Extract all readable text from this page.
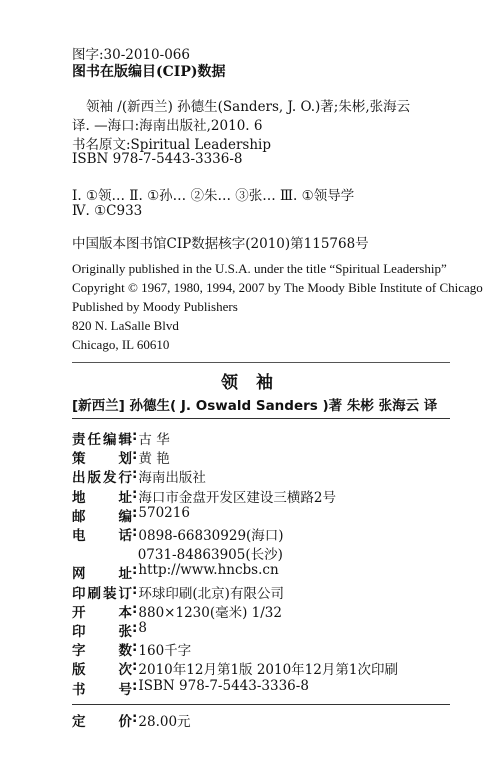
图字:30-2010-066
图书在版编目(CIP)数据
领袖 /(新西兰) 孙德生(Sanders, J. O.)著;朱彬,张海云
译. —海口:海南出版社,2010. 6
书名原文:Spiritual Leadership
ISBN 978-7-5443-3336-8
Ⅰ. ①领… Ⅱ. ①孙… ②朱… ③张… Ⅲ. ①领导学
Ⅳ. ①C933
中国版本图书馆CIP数据核字(2010)第115768号
Originally published in the U.S.A. under the title “Spiritual Leadership”
Copyright © 1967, 1980, 1994, 2007 by The Moody Bible Institute of Chicago
Published by Moody Publishers
820 N. LaSalle Blvd
Chicago, IL 60610
领 袖
[新西兰] 孙德生( J. Oswald Sanders )著 朱彬 张海云 译
责任编辑 : 古 华
策 划 : 黄 艳
出版发行 : 海南出版社
地 址 : 海口市金盘开发区建设三横路2号
邮 编 : 570216
电 话 : 0898-66830929(海口)

0731-84863905(长沙)
网 址 : http://www.hncbs.cn
印刷装订 : 环球印刷(北京)有限公司
开 本 : 880×1230(毫米) 1/32
印 张 : 8
字 数 : 160千字
版 次 : 2010年12月第1版 2010年12月第1次印刷
书 号 : ISBN 978-7-5443-3336-8
定 价 : 28.00元
